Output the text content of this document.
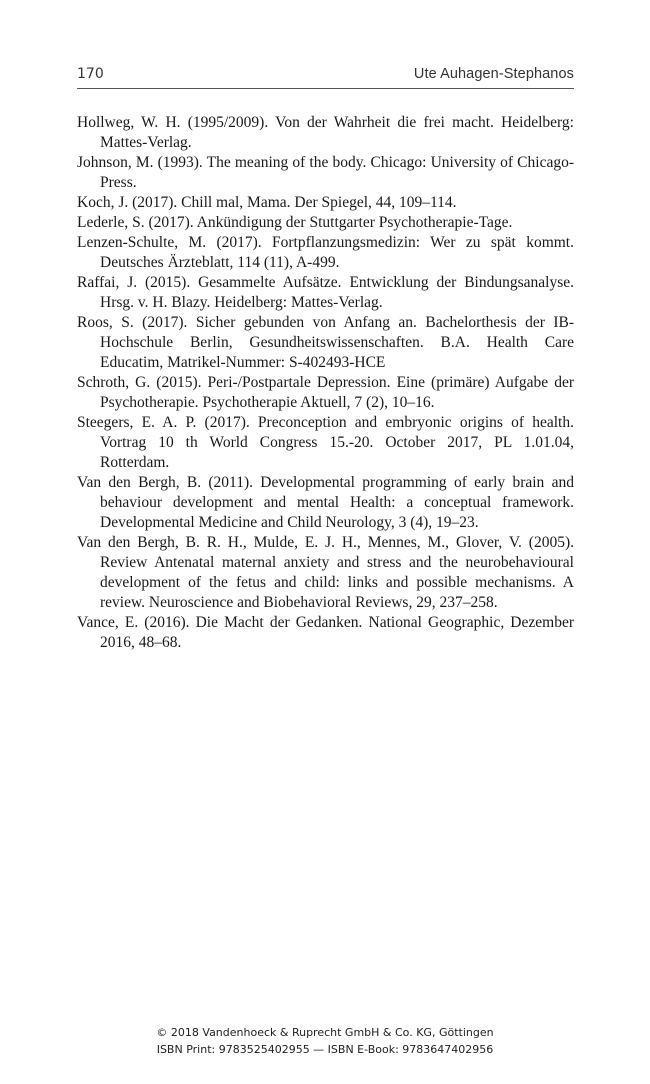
170	Ute Auhagen-Stephanos
Hollweg, W. H. (1995/2009). Von der Wahrheit die frei macht. Heidelberg: Mattes-Verlag.
Johnson, M. (1993). The meaning of the body. Chicago: University of Chicago-Press.
Koch, J. (2017). Chill mal, Mama. Der Spiegel, 44, 109–114.
Lederle, S. (2017). Ankündigung der Stuttgarter Psychotherapie-Tage.
Lenzen-Schulte, M. (2017). Fortpflanzungsmedizin: Wer zu spät kommt. Deutsches Ärzteblatt, 114 (11), A-499.
Raffai, J. (2015). Gesammelte Aufsätze. Entwicklung der Bindungsanalyse. Hrsg. v. H. Blazy. Heidelberg: Mattes-Verlag.
Roos, S. (2017). Sicher gebunden von Anfang an. Bachelorthesis der IB-Hochschule Berlin, Gesundheitswissenschaften. B.A. Health Care Educatim, Matrikel-Nummer: S-402493-HCE
Schroth, G. (2015). Peri-/Postpartale Depression. Eine (primäre) Aufgabe der Psychotherapie. Psychotherapie Aktuell, 7 (2), 10–16.
Steegers, E. A. P. (2017). Preconception and embryonic origins of health. Vortrag 10 th World Congress 15.-20. October 2017, PL 1.01.04, Rotterdam.
Van den Bergh, B. (2011). Developmental programming of early brain and behaviour development and mental Health: a conceptual framework. Developmental Medicine and Child Neurology, 3 (4), 19–23.
Van den Bergh, B. R. H., Mulde, E. J. H., Mennes, M., Glover, V. (2005). Review Antenatal maternal anxiety and stress and the neurobehavioural development of the fetus and child: links and possible mechanisms. A review. Neuroscience and Biobehavioral Reviews, 29, 237–258.
Vance, E. (2016). Die Macht der Gedanken. National Geographic, Dezember 2016, 48–68.
© 2018 Vandenhoeck & Ruprecht GmbH & Co. KG, Göttingen
ISBN Print: 9783525402955 — ISBN E-Book: 9783647402956
